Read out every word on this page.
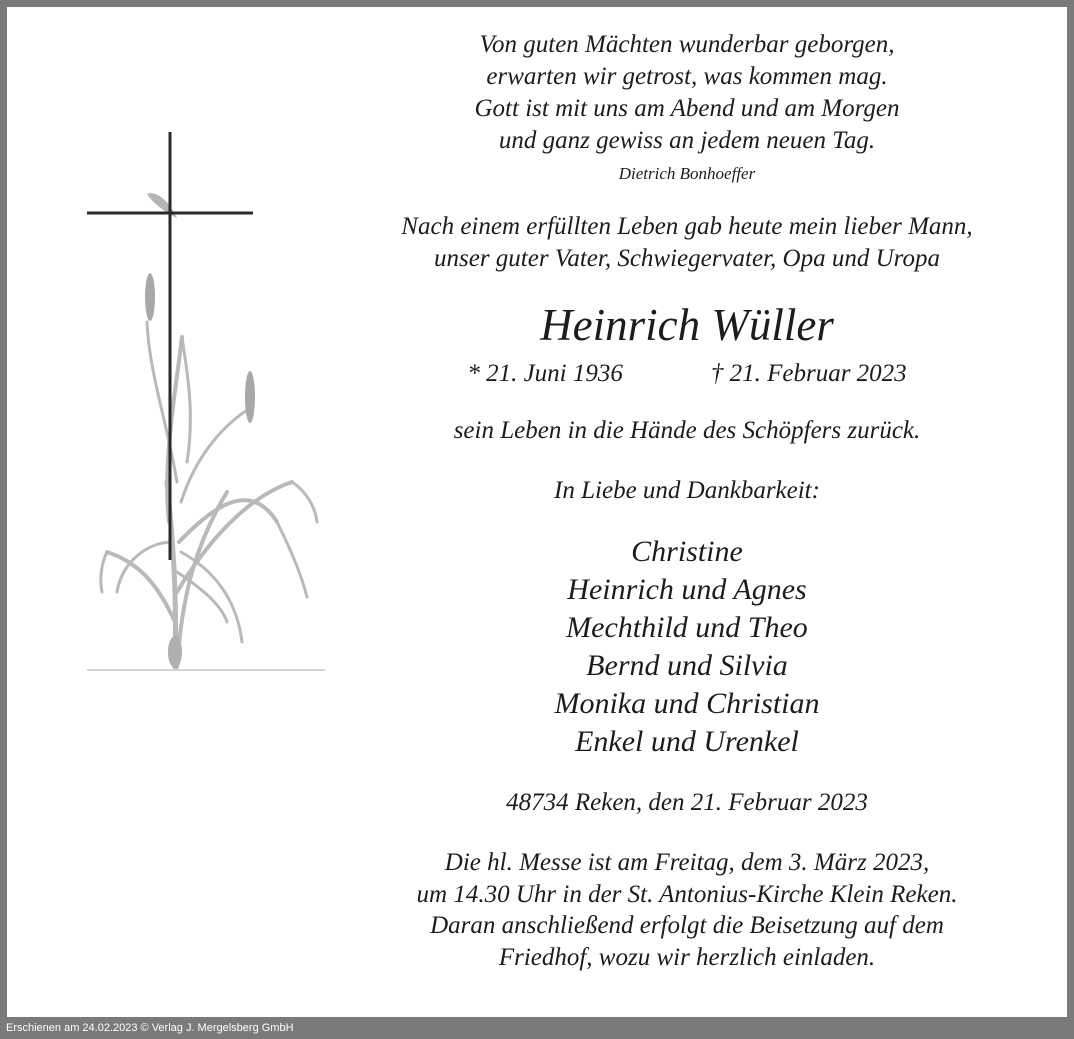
Von guten Mächten wunderbar geborgen,
erwarten wir getrost, was kommen mag.
Gott ist mit uns am Abend und am Morgen
und ganz gewiss an jedem neuen Tag.
Dietrich Bonhoeffer
Nach einem erfüllten Leben gab heute mein lieber Mann,
unser guter Vater, Schwiegervater, Opa und Uropa
Heinrich Wüller
* 21. Juni 1936	† 21. Februar 2023
sein Leben in die Hände des Schöpfers zurück.
In Liebe und Dankbarkeit:
Christine
Heinrich und Agnes
Mechthild und Theo
Bernd und Silvia
Monika und Christian
Enkel und Urenkel
48734 Reken, den 21. Februar 2023
Die hl. Messe ist am Freitag, dem 3. März 2023,
um 14.30 Uhr in der St. Antonius-Kirche Klein Reken.
Daran anschließend erfolgt die Beisetzung auf dem
Friedhof, wozu wir herzlich einladen.
Erschienen am 24.02.2023 © Verlag J. Mergelsberg GmbH
